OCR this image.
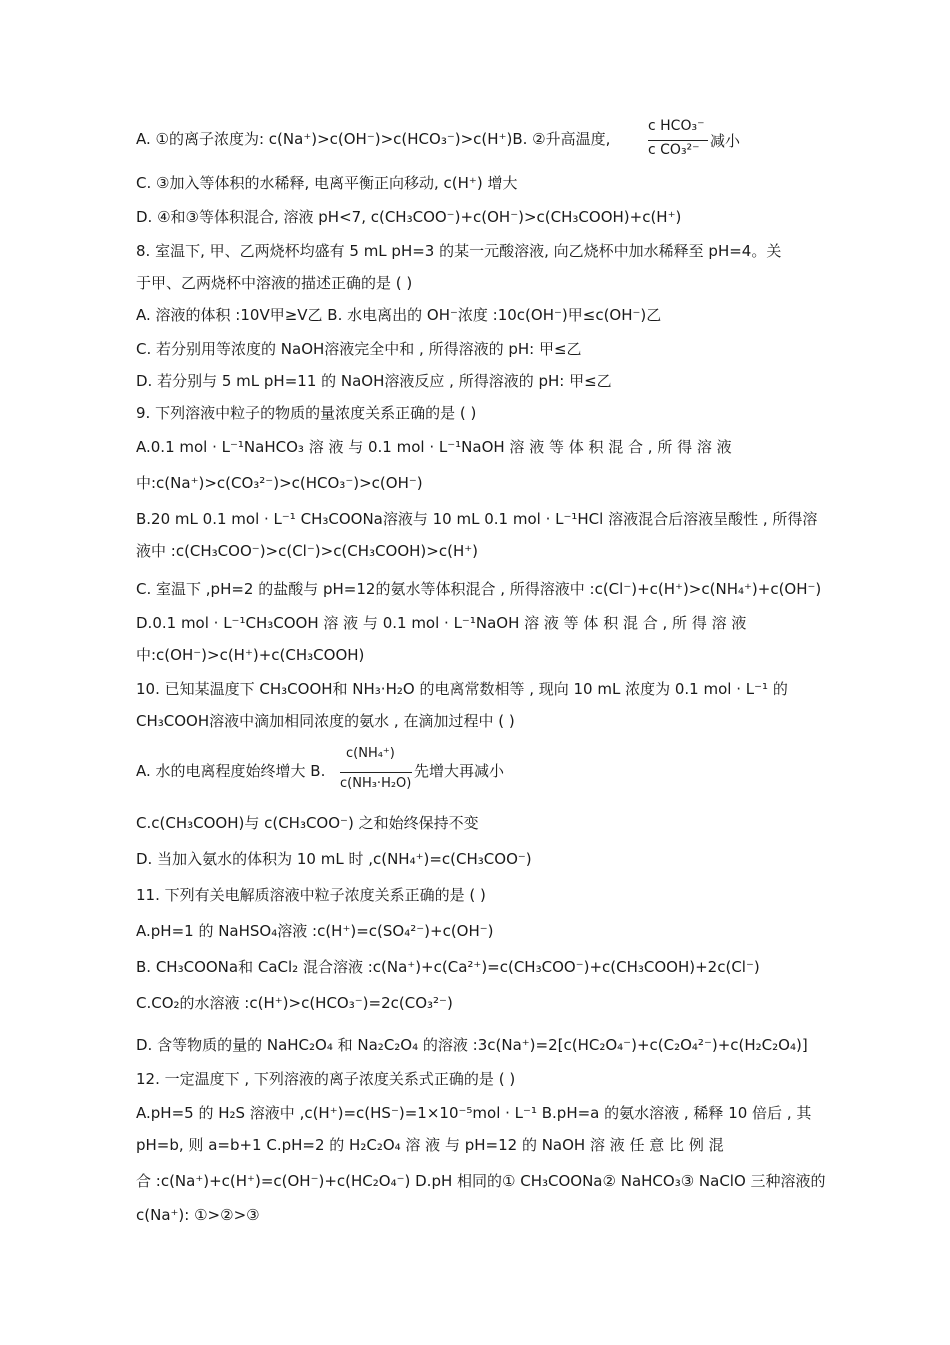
A. ①的离子浓度为: c(Na⁺)>c(OH⁻)>c(HCO₃⁻)>c(H⁺)B. ②升高温度,
C. ③加入等体积的水稀释, 电离平衡正向移动, c(H⁺) 增大
D. ④和③等体积混合, 溶液 pH<7, c(CH₃COO⁻)+c(OH⁻)>c(CH₃COOH)+c(H⁺)
8. 室温下, 甲、乙两烧杯均盛有 5 mL pH=3 的某一元酸溶液, 向乙烧杯中加水稀释至 pH=4。关
于甲、乙两烧杯中溶液的描述正确的是 ( )
A. 溶液的体积 :10V甲≥V乙 B. 水电离出的 OH⁻浓度 :10c(OH⁻)甲≤c(OH⁻)乙
C. 若分别用等浓度的 NaOH溶液完全中和 , 所得溶液的 pH: 甲≤乙
D. 若分别与 5 mL pH=11 的 NaOH溶液反应 , 所得溶液的 pH: 甲≤乙
9. 下列溶液中粒子的物质的量浓度关系正确的是 ( )
A.0.1 mol · L⁻¹NaHCO₃ 溶 液 与 0.1 mol · L⁻¹NaOH 溶 液 等 体 积 混 合 , 所 得 溶 液
中:c(Na⁺)>c(CO₃²⁻)>c(HCO₃⁻)>c(OH⁻)
B.20 mL 0.1 mol · L⁻¹ CH₃COONa溶液与 10 mL 0.1 mol · L⁻¹HCl 溶液混合后溶液呈酸性 , 所得溶
液中 :c(CH₃COO⁻)>c(Cl⁻)>c(CH₃COOH)>c(H⁺)
C. 室温下 ,pH=2 的盐酸与 pH=12的氨水等体积混合 , 所得溶液中 :c(Cl⁻)+c(H⁺)>c(NH₄⁺)+c(OH⁻)
D.0.1 mol · L⁻¹CH₃COOH 溶 液 与 0.1 mol · L⁻¹NaOH 溶 液 等 体 积 混 合 , 所 得 溶 液
中:c(OH⁻)>c(H⁺)+c(CH₃COOH)
10. 已知某温度下 CH₃COOH和 NH₃·H₂O 的电离常数相等 , 现向 10 mL 浓度为 0.1 mol · L⁻¹ 的
CH₃COOH溶液中滴加相同浓度的氨水 , 在滴加过程中 ( )
A. 水的电离程度始终增大 B.
C.c(CH₃COOH)与 c(CH₃COO⁻) 之和始终保持不变
D. 当加入氨水的体积为 10 mL 时 ,c(NH₄⁺)=c(CH₃COO⁻)
11. 下列有关电解质溶液中粒子浓度关系正确的是 ( )
A.pH=1 的 NaHSO₄溶液 :c(H⁺)=c(SO₄²⁻)+c(OH⁻)
B. CH₃COONa和 CaCl₂ 混合溶液 :c(Na⁺)+c(Ca²⁺)=c(CH₃COO⁻)+c(CH₃COOH)+2c(Cl⁻)
C.CO₂的水溶液 :c(H⁺)>c(HCO₃⁻)=2c(CO₃²⁻)
D. 含等物质的量的 NaHC₂O₄ 和 Na₂C₂O₄ 的溶液 :3c(Na⁺)=2[c(HC₂O₄⁻)+c(C₂O₄²⁻)+c(H₂C₂O₄)]
12. 一定温度下 , 下列溶液的离子浓度关系式正确的是 ( )
A.pH=5 的 H₂S 溶液中 ,c(H⁺)=c(HS⁻)=1×10⁻⁵mol · L⁻¹ B.pH=a 的氨水溶液 , 稀释 10 倍后 , 其
pH=b, 则 a=b+1 C.pH=2 的 H₂C₂O₄ 溶 液 与 pH=12 的 NaOH 溶 液 任 意 比 例 混
合 :c(Na⁺)+c(H⁺)=c(OH⁻)+c(HC₂O₄⁻) D.pH 相同的① CH₃COONa② NaHCO₃③ NaClO 三种溶液的
c(Na⁺): ①>②>③
c HCO₃⁻
c CO₃²⁻ 减小
c(NH₄⁺)
c(NH₃·H₂O)
先增大再减小
